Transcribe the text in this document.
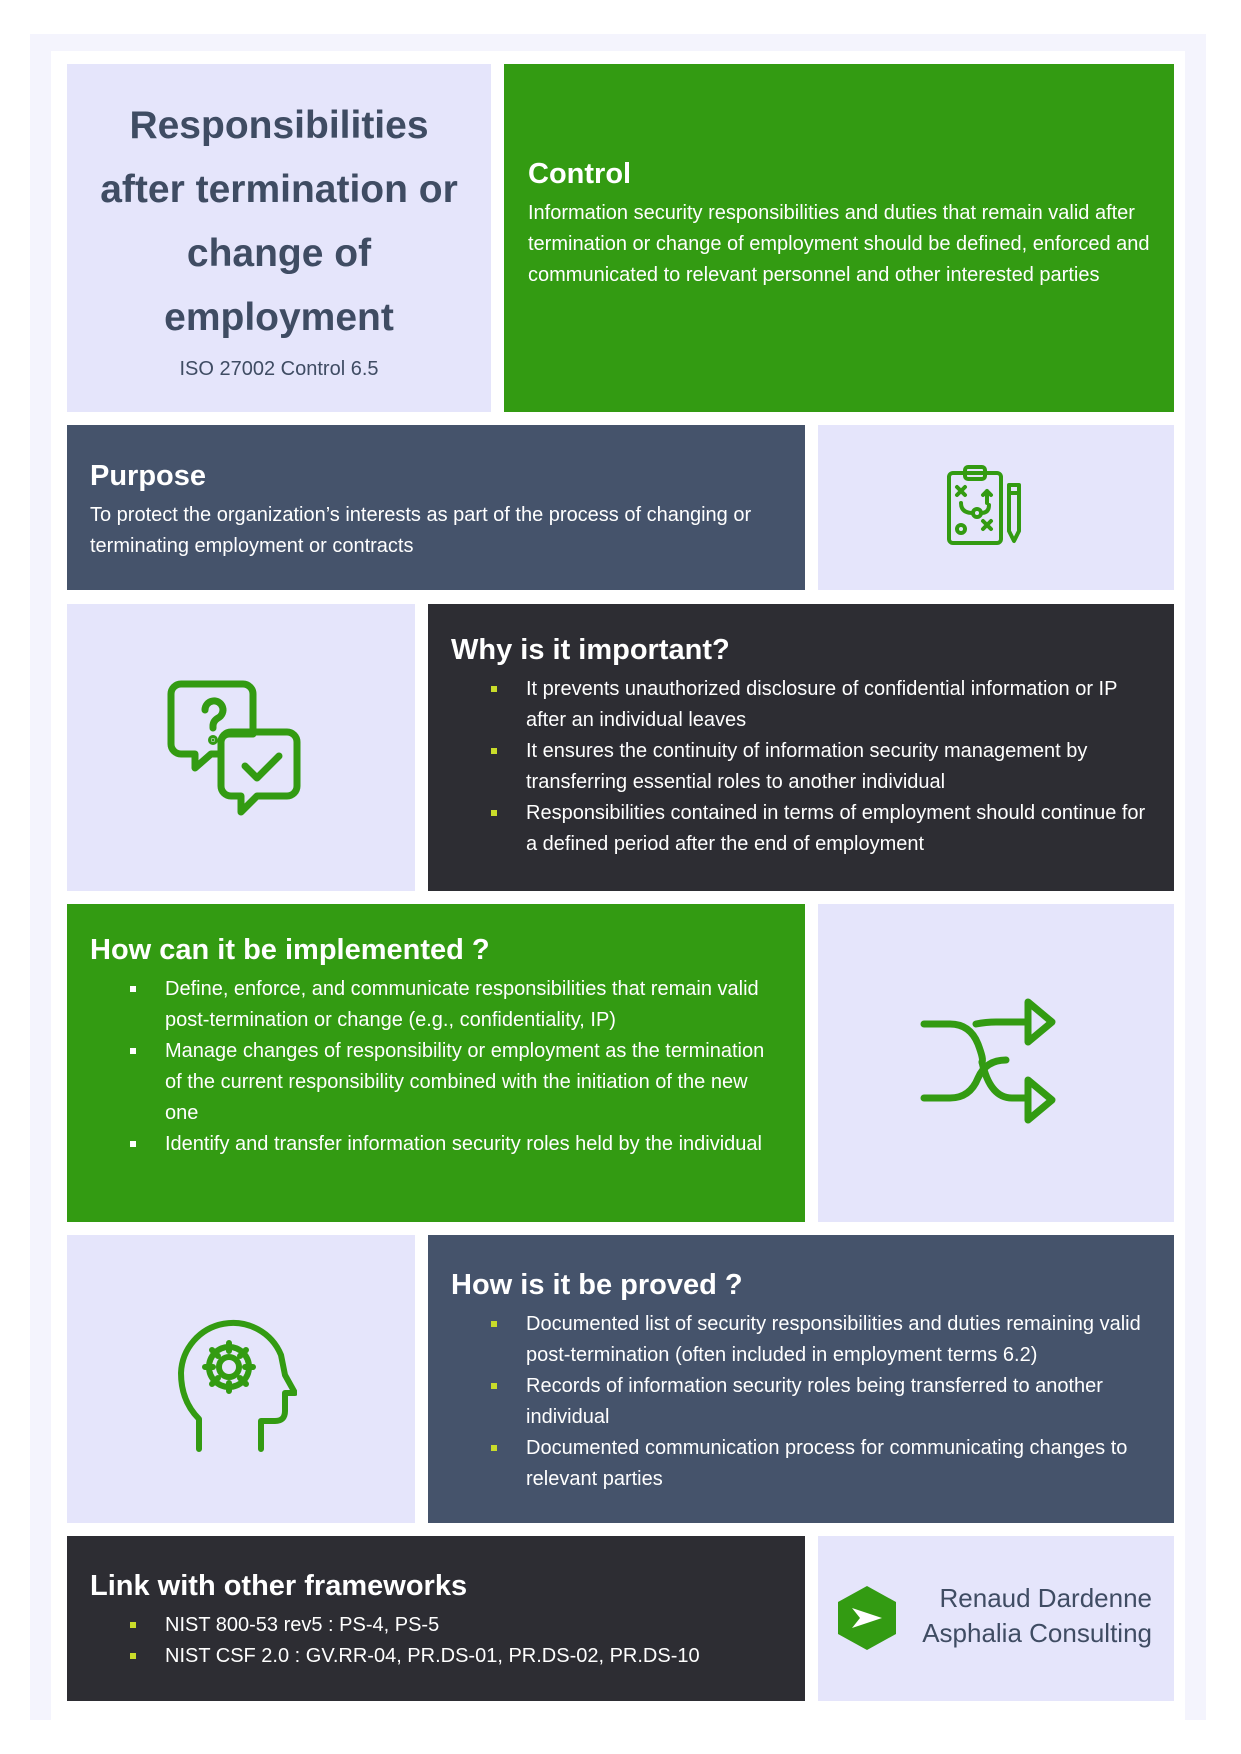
Responsibilities after termination or change of employment
ISO 27002 Control 6.5
Control

Information security responsibilities and duties that remain valid after termination or change of employment should be defined, enforced and communicated to relevant personnel and other interested parties

Purpose

To protect the organization’s interests as part of the process of changing or terminating employment or contracts

Why is it important?
It prevents unauthorized disclosure of confidential information or IP after an individual leaves
It ensures the continuity of information security management by transferring essential roles to another individual
Responsibilities contained in terms of employment should continue for a defined period after the end of employment
How can it be implemented ?
Define, enforce, and communicate responsibilities that remain valid post-termination or change (e.g., confidentiality, IP)
Manage changes of responsibility or employment as the termination of the current responsibility combined with the initiation of the new one
Identify and transfer information security roles held by the individual
How is it be proved ?
Documented list of security responsibilities and duties remaining valid post-termination (often included in employment terms 6.2)
Records of information security roles being transferred to another individual
Documented communication process for communicating changes to relevant parties
Link with other frameworks
NIST 800-53 rev5 : PS-4, PS-5
NIST CSF 2.0 : GV.RR-04, PR.DS-01, PR.DS-02, PR.DS-10
Renaud Dardenne
Asphalia Consulting
